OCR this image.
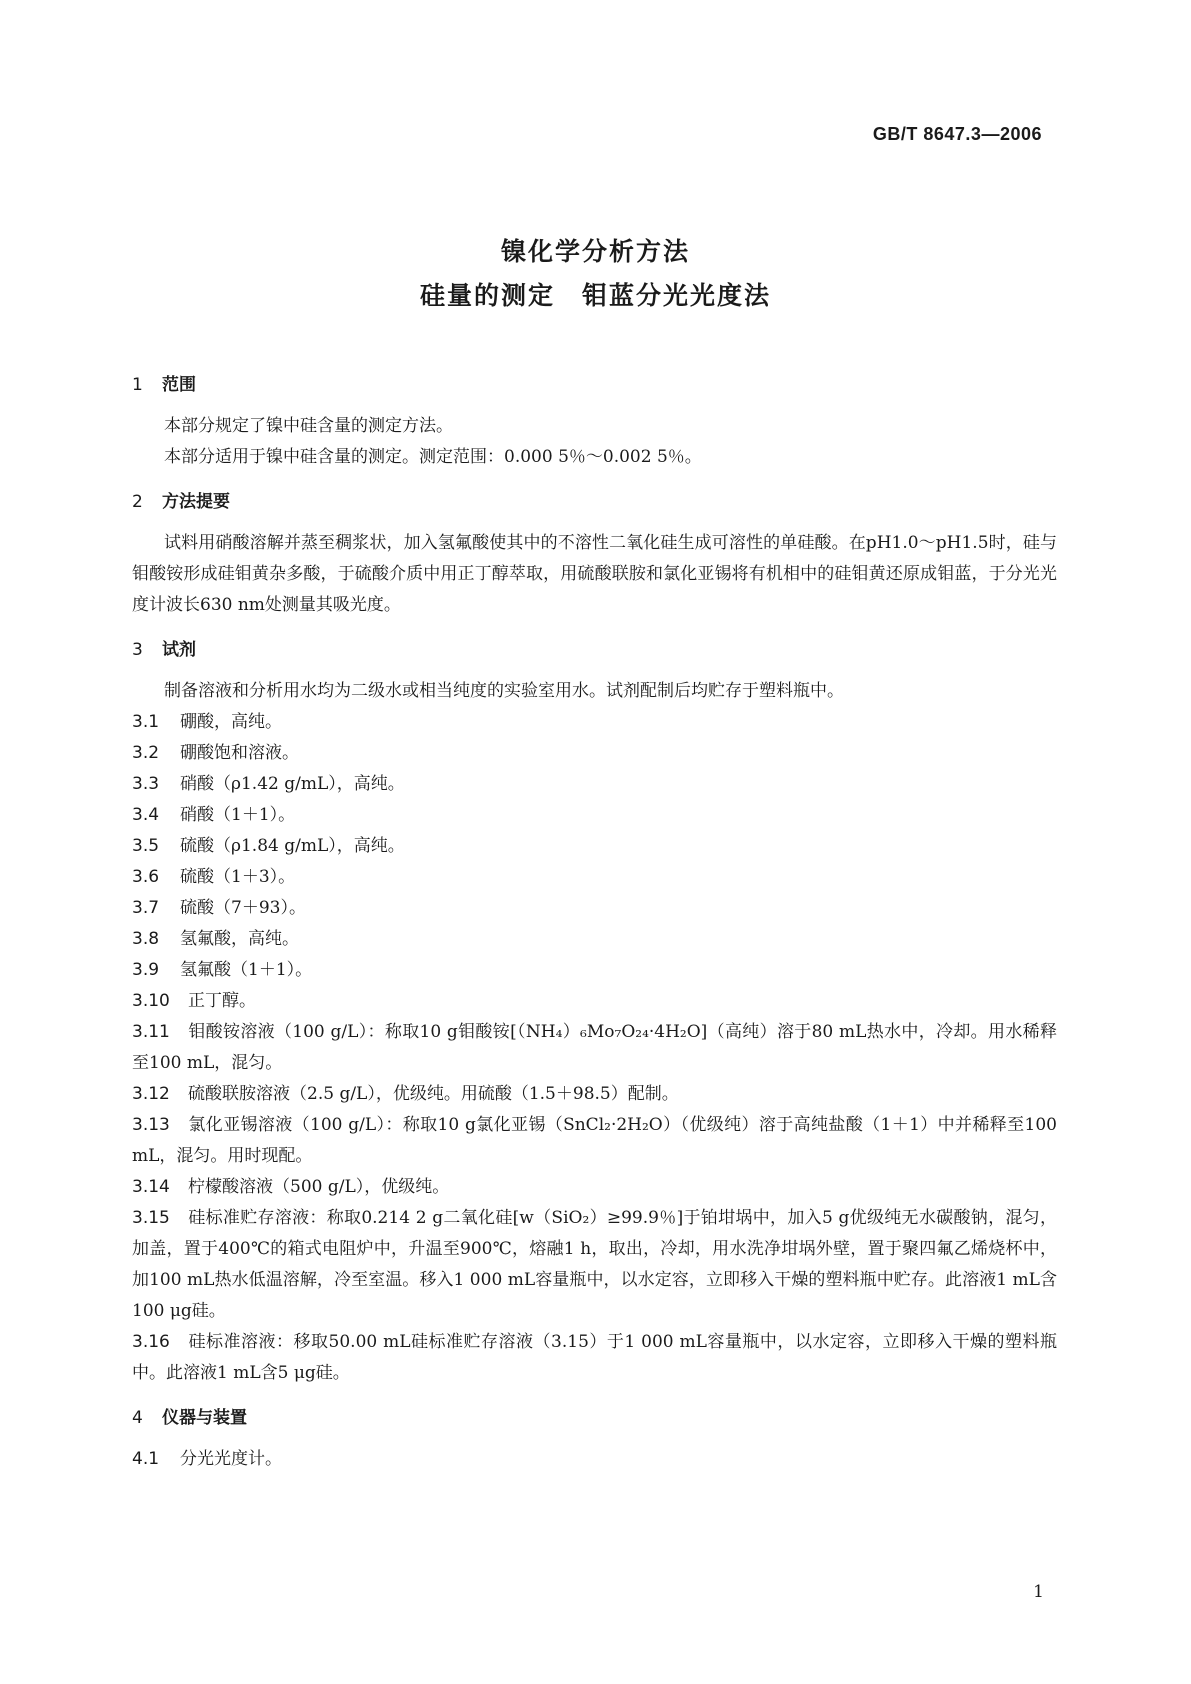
GB/T 8647.3—2006
镍化学分析方法
硅量的测定　钼蓝分光光度法
1 范围

本部分规定了镍中硅含量的测定方法。

本部分适用于镍中硅含量的测定。测定范围：0.000 5％～0.002 5％。

2 方法提要

试料用硝酸溶解并蒸至稠浆状，加入氢氟酸使其中的不溶性二氧化硅生成可溶性的单硅酸。在pH1.0～pH1.5时，硅与钼酸铵形成硅钼黄杂多酸，于硫酸介质中用正丁醇萃取，用硫酸联胺和氯化亚锡将有机相中的硅钼黄还原成钼蓝，于分光光度计波长630 nm处测量其吸光度。

3 试剂

制备溶液和分析用水均为二级水或相当纯度的实验室用水。试剂配制后均贮存于塑料瓶中。

3.1 硼酸，高纯。

3.2 硼酸饱和溶液。

3.3 硝酸（ρ1.42 g/mL），高纯。

3.4 硝酸（1＋1）。

3.5 硫酸（ρ1.84 g/mL），高纯。

3.6 硫酸（1＋3）。

3.7 硫酸（7＋93）。

3.8 氢氟酸，高纯。

3.9 氢氟酸（1＋1）。

3.10 正丁醇。

3.11 钼酸铵溶液（100 g/L）：称取10 g钼酸铵[（NH₄）₆Mo₇O₂₄·4H₂O]（高纯）溶于80 mL热水中，冷却。用水稀释至100 mL，混匀。

3.12 硫酸联胺溶液（2.5 g/L），优级纯。用硫酸（1.5＋98.5）配制。

3.13 氯化亚锡溶液（100 g/L）：称取10 g氯化亚锡（SnCl₂·2H₂O）（优级纯）溶于高纯盐酸（1＋1）中并稀释至100 mL，混匀。用时现配。

3.14 柠檬酸溶液（500 g/L），优级纯。

3.15 硅标准贮存溶液：称取0.214 2 g二氧化硅[w（SiO₂）≥99.9％]于铂坩埚中，加入5 g优级纯无水碳酸钠，混匀，加盖，置于400℃的箱式电阻炉中，升温至900℃，熔融1 h，取出，冷却，用水洗净坩埚外壁，置于聚四氟乙烯烧杯中，加100 mL热水低温溶解，冷至室温。移入1 000 mL容量瓶中，以水定容，立即移入干燥的塑料瓶中贮存。此溶液1 mL含100 μg硅。

3.16 硅标准溶液：移取50.00 mL硅标准贮存溶液（3.15）于1 000 mL容量瓶中，以水定容，立即移入干燥的塑料瓶中。此溶液1 mL含5 μg硅。

4 仪器与装置

4.1 分光光度计。

1
